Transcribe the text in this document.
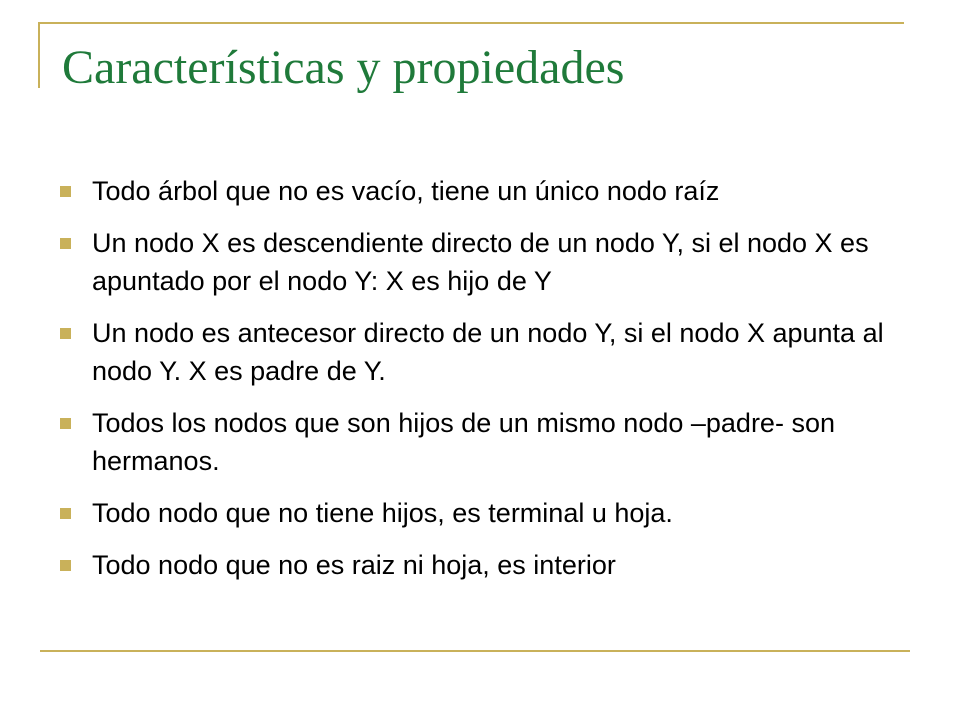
Características y propiedades
Todo árbol que no es vacío, tiene un único nodo raíz
Un nodo X es descendiente directo de un nodo Y, si el nodo X es apuntado por el nodo Y: X es hijo de Y
Un nodo es antecesor directo de un nodo Y, si el nodo X apunta al nodo Y. X es padre de Y.
Todos los nodos que son hijos de un mismo nodo –padre- son hermanos.
Todo nodo que no tiene hijos, es terminal u hoja.
Todo nodo que no es raiz ni hoja, es interior
